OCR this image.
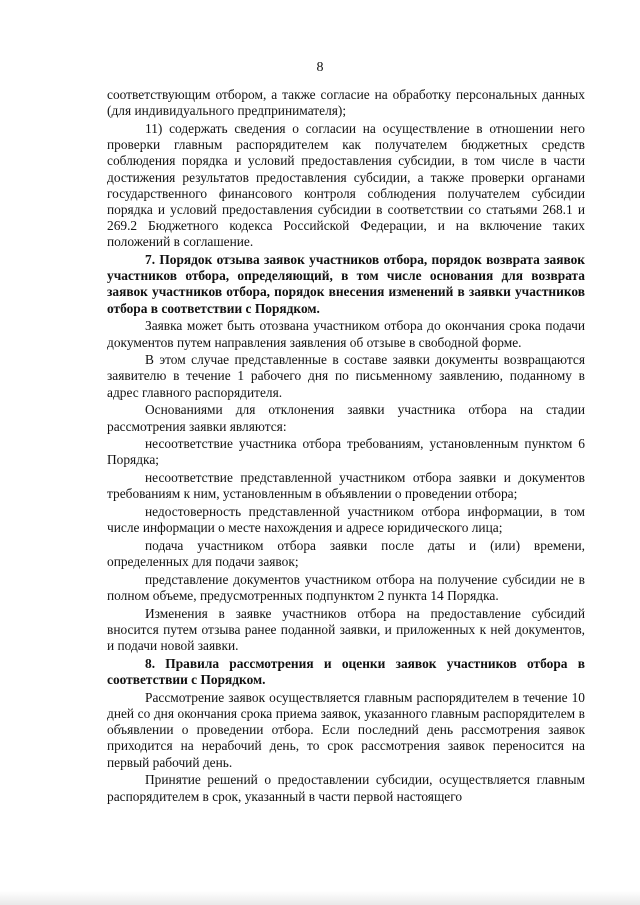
8

соответствующим отбором, а также согласие на обработку персональных данных (для индивидуального предпринимателя);

11) содержать сведения о согласии на осуществление в отношении него проверки главным распорядителем как получателем бюджетных средств соблюдения порядка и условий предоставления субсидии, в том числе в части достижения результатов предоставления субсидии, а также проверки органами государственного финансового контроля соблюдения получателем субсидии порядка и условий предоставления субсидии в соответствии со статьями 268.1 и 269.2 Бюджетного кодекса Российской Федерации, и на включение таких положений в соглашение.

7. Порядок отзыва заявок участников отбора, порядок возврата заявок участников отбора, определяющий, в том числе основания для возврата заявок участников отбора, порядок внесения изменений в заявки участников отбора в соответствии с Порядком.

Заявка может быть отозвана участником отбора до окончания срока подачи документов путем направления заявления об отзыве в свободной форме.

В этом случае представленные в составе заявки документы возвращаются заявителю в течение 1 рабочего дня по письменному заявлению, поданному в адрес главного распорядителя.

Основаниями для отклонения заявки участника отбора на стадии рассмотрения заявки являются:

несоответствие участника отбора требованиям, установленным пунктом 6 Порядка;

несоответствие представленной участником отбора заявки и документов требованиям к ним, установленным в объявлении о проведении отбора;

недостоверность представленной участником отбора информации, в том числе информации о месте нахождения и адресе юридического лица;

подача участником отбора заявки после даты и (или) времени, определенных для подачи заявок;

представление документов участником отбора на получение субсидии не в полном объеме, предусмотренных подпунктом 2 пункта 14 Порядка.

Изменения в заявке участников отбора на предоставление субсидий вносится путем отзыва ранее поданной заявки, и приложенных к ней документов, и подачи новой заявки.

8. Правила рассмотрения и оценки заявок участников отбора в соответствии с Порядком.

Рассмотрение заявок осуществляется главным распорядителем в течение 10 дней со дня окончания срока приема заявок, указанного главным распорядителем в объявлении о проведении отбора. Если последний день рассмотрения заявок приходится на нерабочий день, то срок рассмотрения заявок переносится на первый рабочий день.

Принятие решений о предоставлении субсидии, осуществляется главным распорядителем в срок, указанный в части первой настоящего
